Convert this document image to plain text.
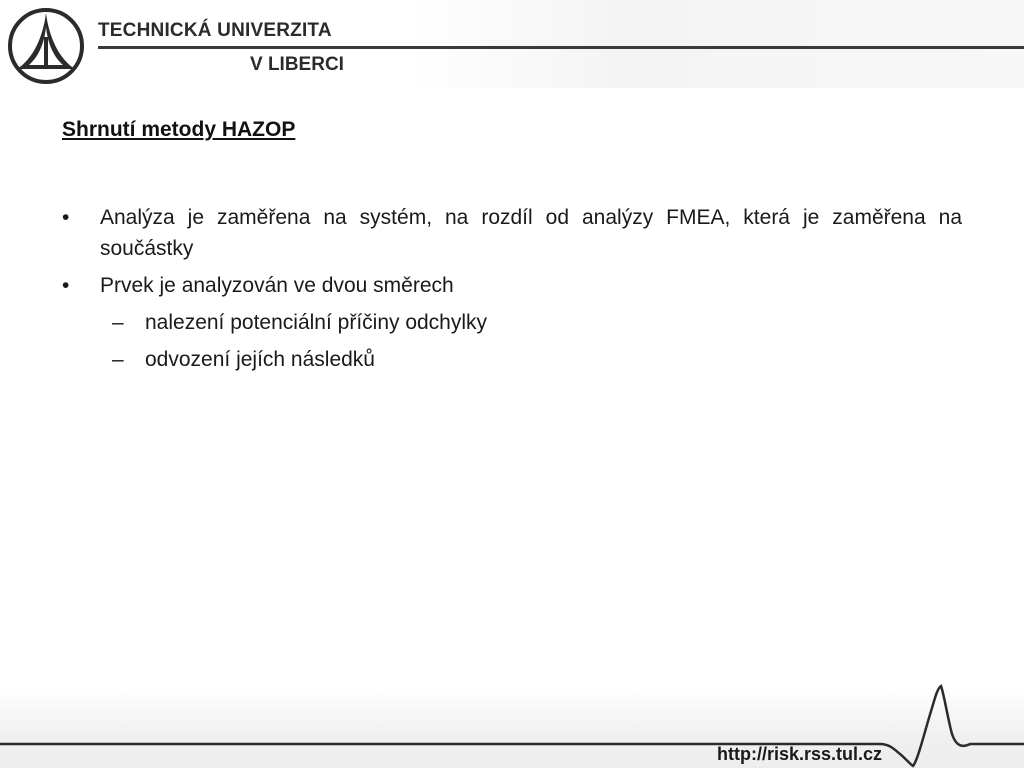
TECHNICKÁ UNIVERZITA
V LIBERCI
Shrnutí metody HAZOP
•	Analýza je zaměřena na systém, na rozdíl od analýzy FMEA, která je zaměřena na součástky
•	Prvek je analyzován ve dvou směrech
– nalezení potenciální příčiny odchylky
– odvození jejích následků
http://risk.rss.tul.cz
